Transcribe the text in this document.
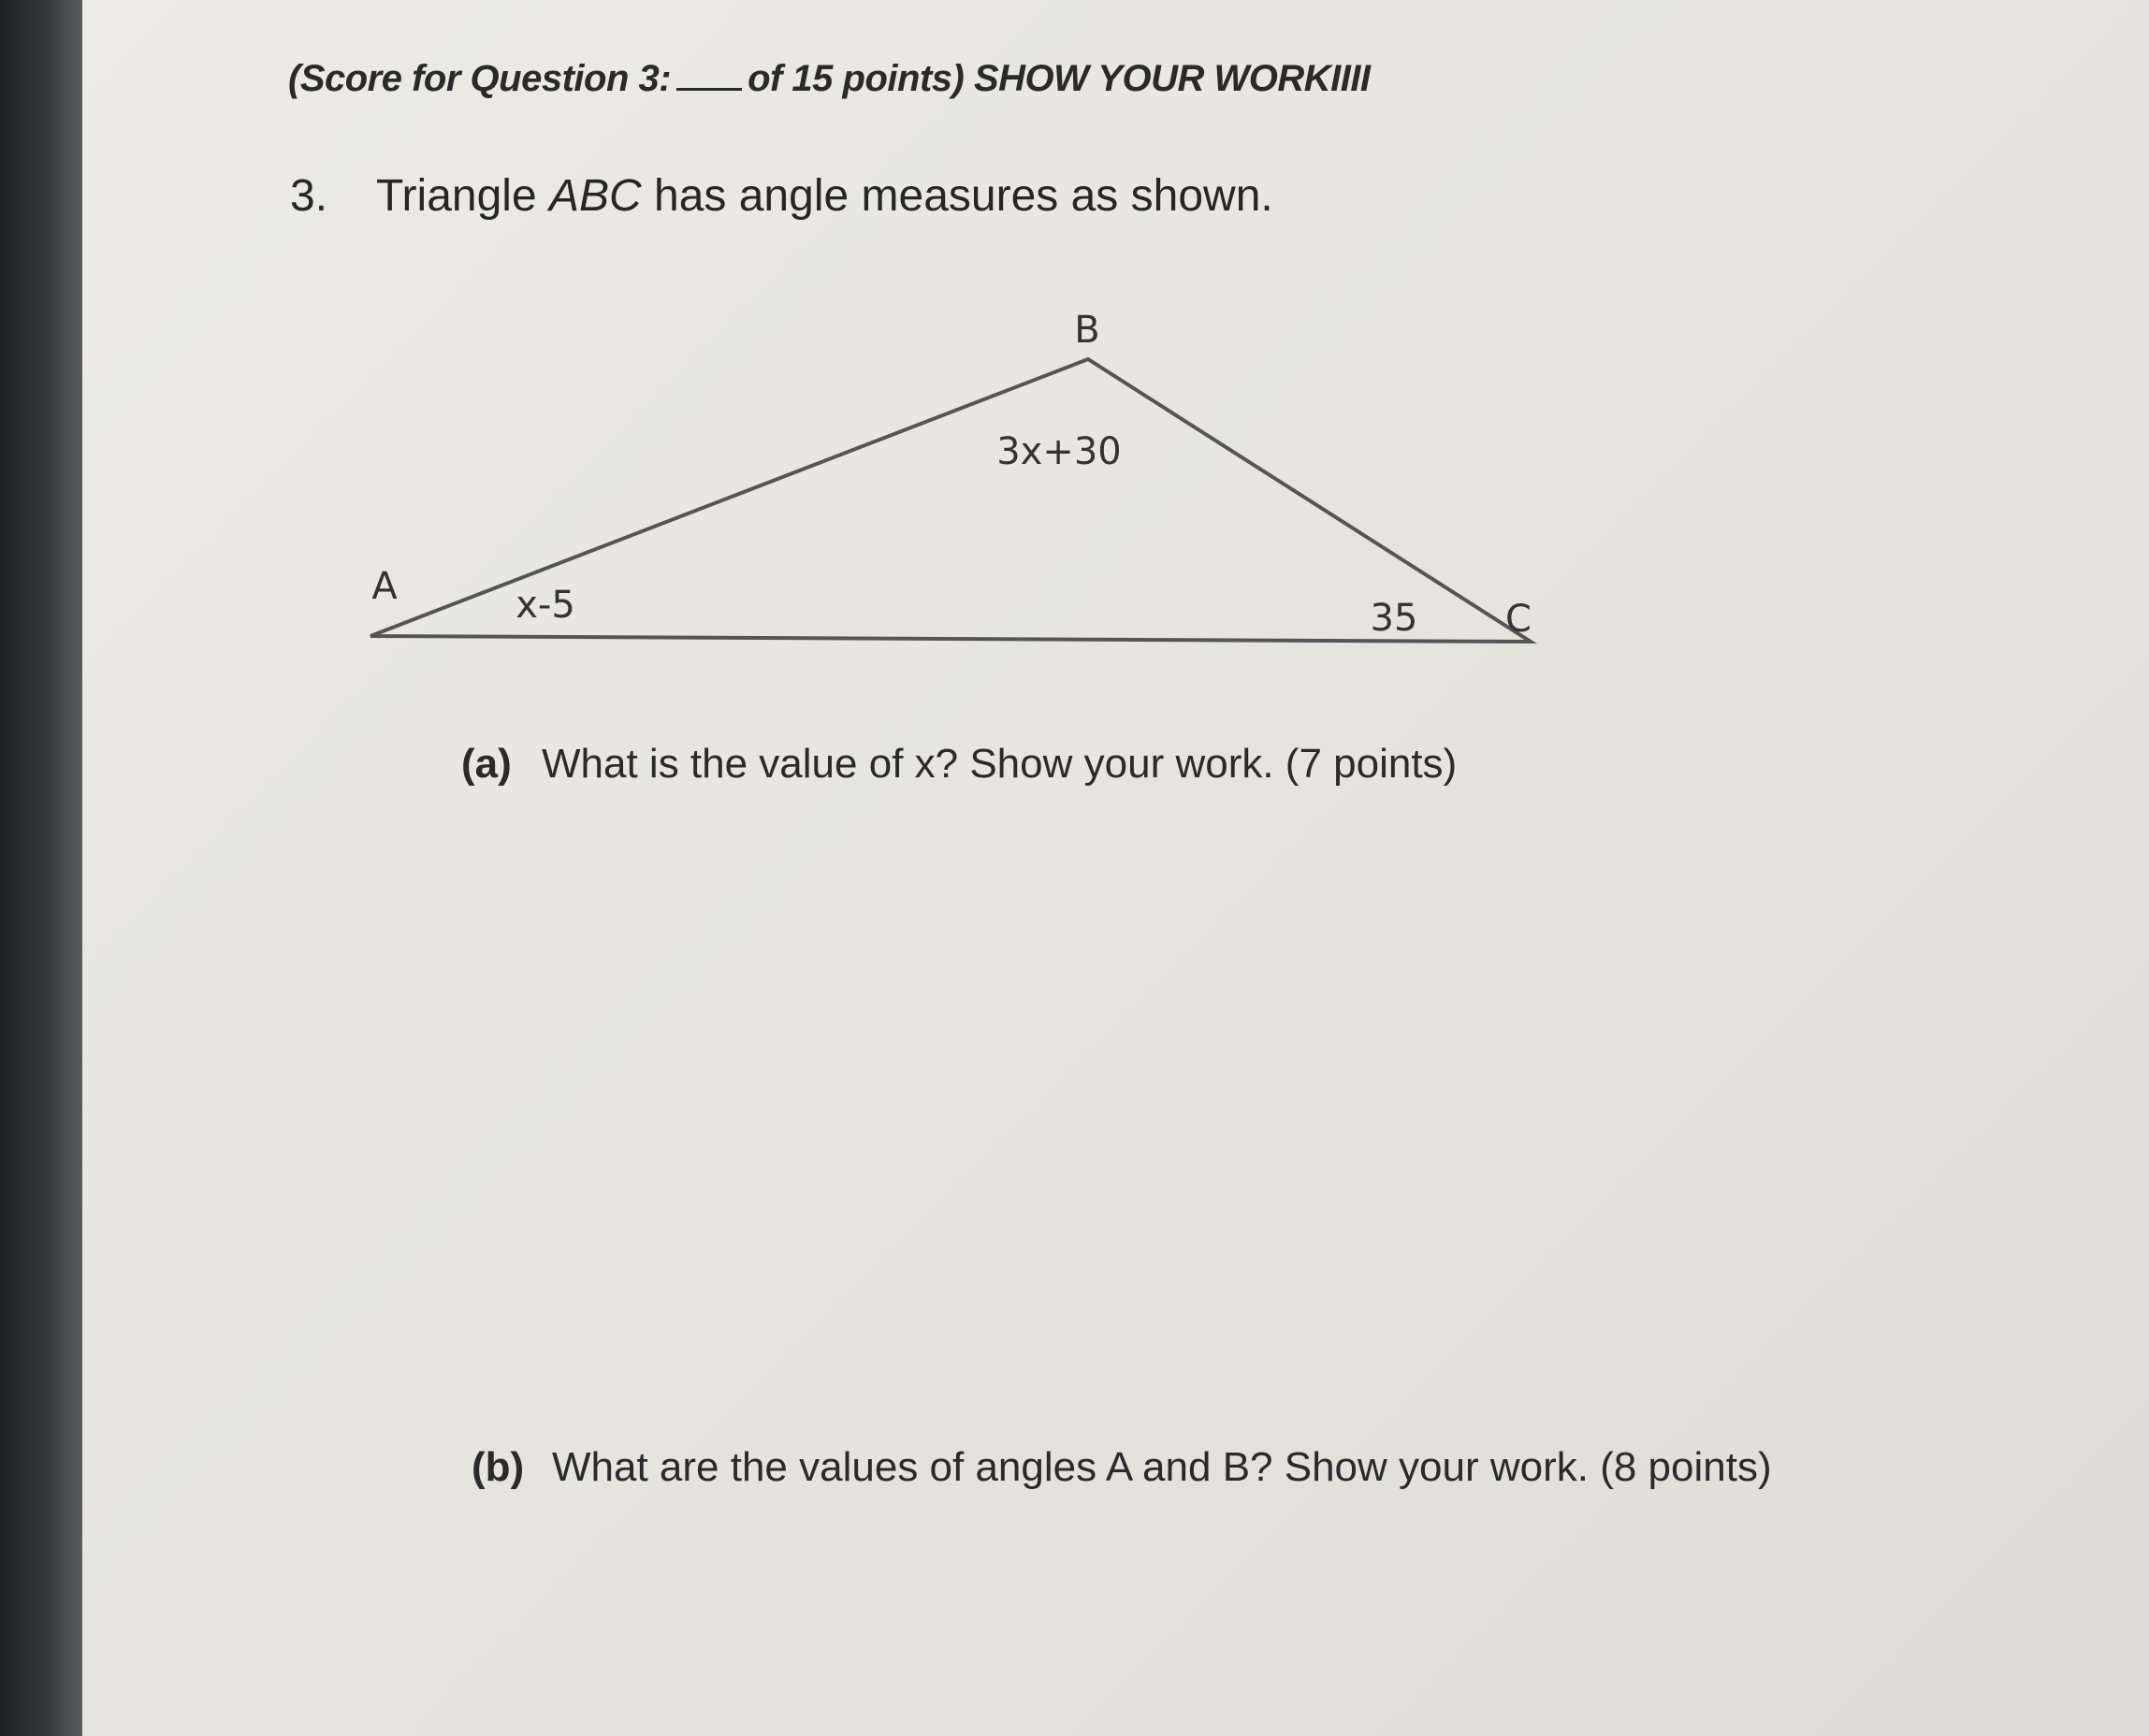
(Score for Question 3: of 15 points) SHOW YOUR WORKIIII
3. Triangle ABC has angle measures as shown.
B
A
C
3x+30
x-5	35
(a) What is the value of x? Show your work. (7 points)
(b) What are the values of angles A and B? Show your work. (8 points)
